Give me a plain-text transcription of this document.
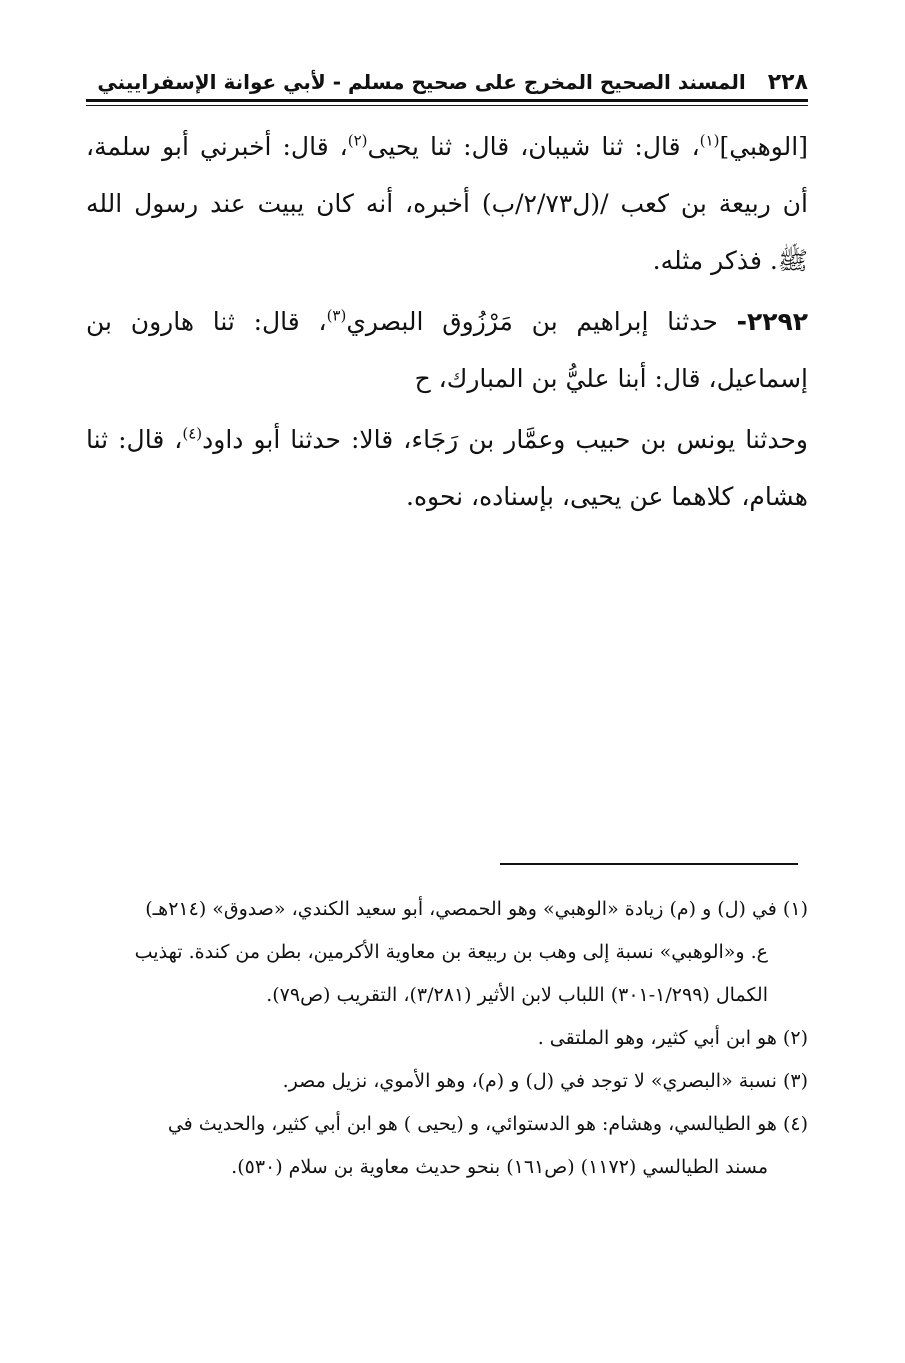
٢٢٨
المسند الصحيح المخرج على صحيح مسلم - لأبي عوانة الإسفراييني

[الوهبي]$^{(١)}$، قال: ثنا شيبان، قال: ثنا يحيى$^{(٢)}$، قال: أخبرني أبو سلمة، أن ربيعة بن كعب /(ل٢/٧٣/ب) أخبره، أنه كان يبيت عند رسول الله ﷺ. فذكر مثله.

٢٢٩٢- حدثنا إبراهيم بن مَرْزُوق البصري$^{(٣)}$، قال: ثنا هارون بن إسماعيل، قال: أبنا عليُّ بن المبارك، ح

وحدثنا يونس بن حبيب وعمَّار بن رَجَاء، قالا: حدثنا أبو داود$^{(٤)}$، قال: ثنا هشام، كلاهما عن يحيى، بإسناده، نحوه.

(١) في (ل) و (م) زيادة «الوهبي» وهو الحمصي، أبو سعيد الكندي، «صدوق» (٢١٤هـ)

ع. و«الوهبي» نسبة إلى وهب بن ربيعة بن معاوية الأكرمين، بطن من كندة. تهذيب

الكمال (١/٢٩٩-٣٠١) اللباب لابن الأثير (٣/٢٨١)، التقريب (ص٧٩).

(٢) هو ابن أبي كثير، وهو الملتقى .

(٣) نسبة «البصري» لا توجد في (ل) و (م)، وهو الأموي، نزيل مصر.

(٤) هو الطيالسي، وهشام: هو الدستوائي، و (يحيى ) هو ابن أبي كثير، والحديث في

مسند الطيالسي (١١٧٢) (ص١٦١) بنحو حديث معاوية بن سلام (٥٣٠).
